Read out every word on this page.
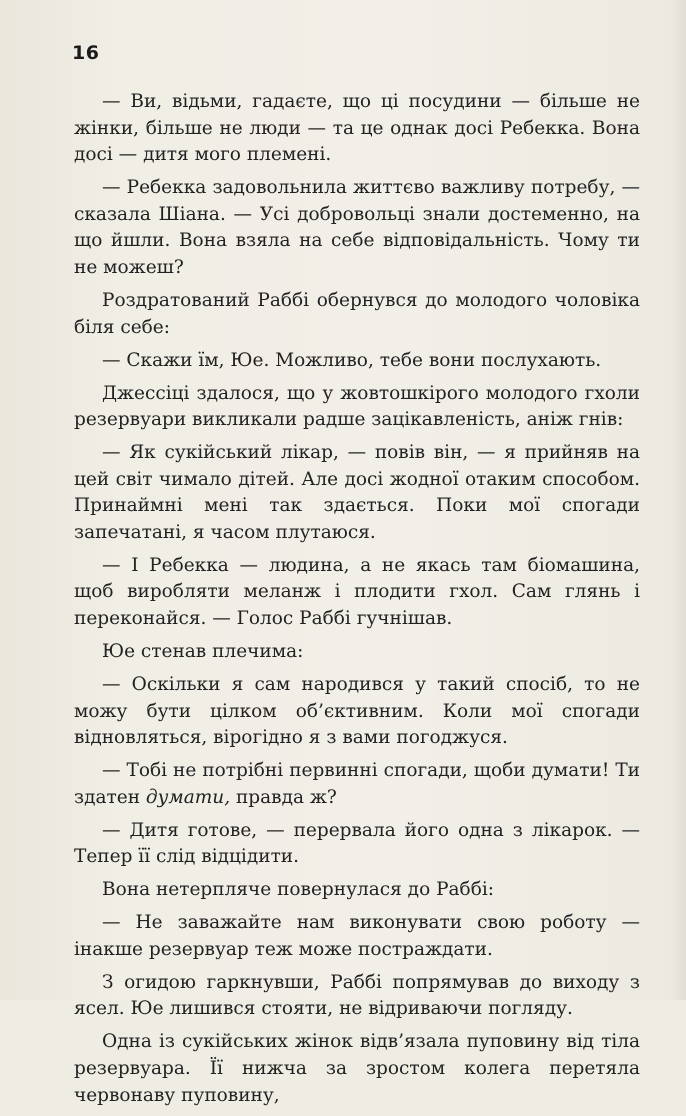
16

— Ви, відьми, гадаєте, що ці посудини — більше не жінки, більше не люди — та це однак досі Ребекка. Вона досі — дитя мого племені.

— Ребекка задовольнила життєво важливу потребу, — сказала Шіана. — Усі добровольці знали достеменно, на що йшли. Вона взяла на себе відповідальність. Чому ти не можеш?

Роздратований Раббі обернувся до молодого чоловіка біля себе:

— Скажи їм, Юе. Можливо, тебе вони послухають.

Джессіці здалося, що у жовтошкірого молодого гхоли резервуари викликали радше зацікавленість, аніж гнів:

— Як сукійський лікар, — повів він, — я прийняв на цей світ чимало дітей. Але досі жодної отаким способом. Принаймні мені так здається. Поки мої спогади запечатані, я часом плутаюся.

— І Ребекка — людина, а не якась там біомашина, щоб виробляти меланж і плодити гхол. Сам глянь і переконайся. — Голос Раббі гучнішав.

Юе стенав плечима:

— Оскільки я сам народився у такий спосіб, то не можу бути цілком об’єктивним. Коли мої спогади відновляться, вірогідно я з вами погоджуся.

— Тобі не потрібні первинні спогади, щоби думати! Ти здатен думати, правда ж?

— Дитя готове, — перервала його одна з лікарок. — Тепер її слід відцідити.

Вона нетерпляче повернулася до Раббі:

— Не заважайте нам виконувати свою роботу — інакше резервуар теж може постраждати.

З огидою гаркнувши, Раббі попрямував до виходу з ясел. Юе лишився стояти, не відриваючи погляду.

Одна із сукійських жінок відв’язала пуповину від тіла резервуара. Її нижча за зростом колега перетяла червонаву пуповину,
